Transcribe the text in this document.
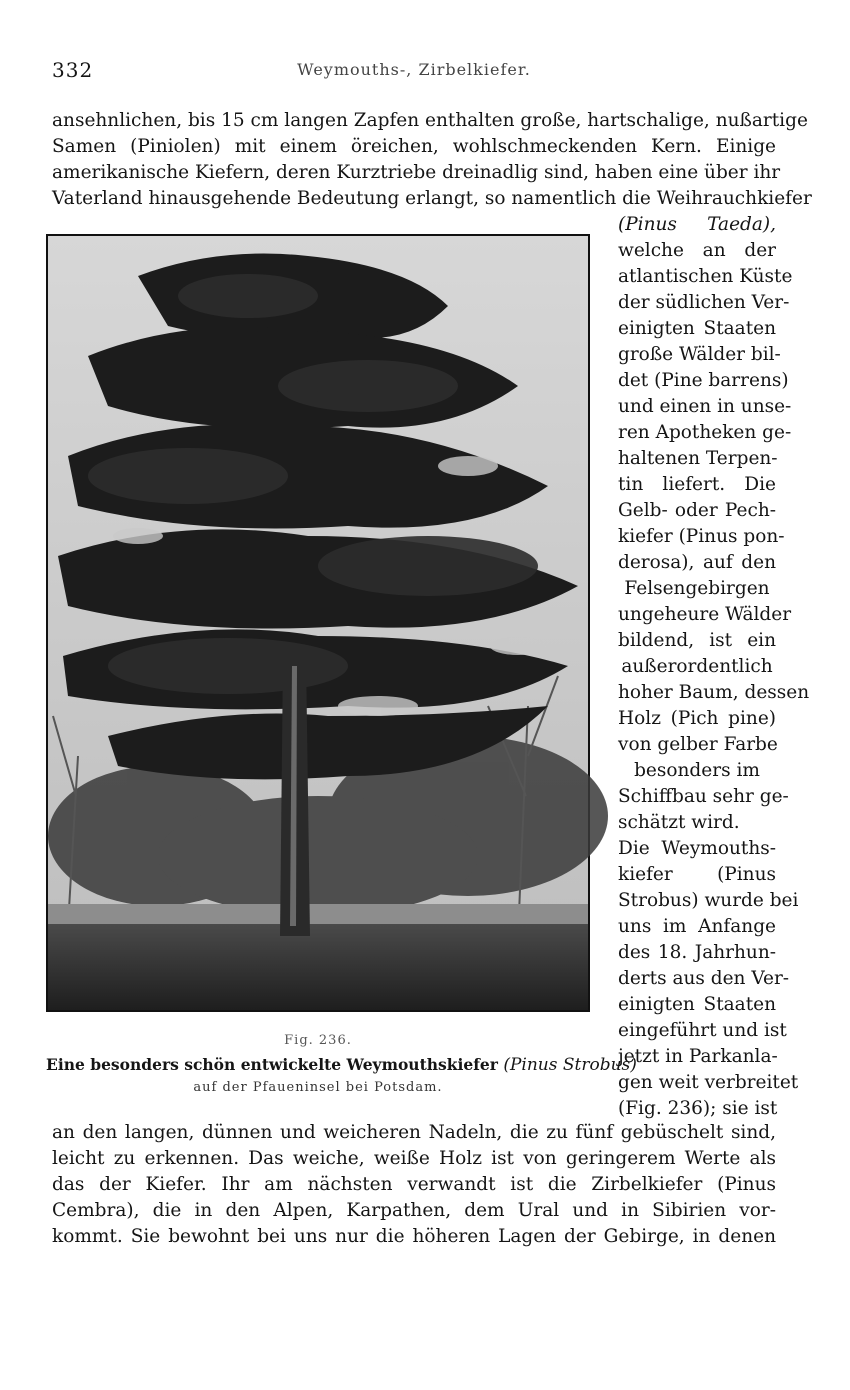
332	Weymouths-, Zirbelkiefer.
ansehnlichen, bis 15 cm langen Zapfen enthalten große, hartschalige, nußartige
Samen (Piniolen) mit einem öreichen, wohlschmeckenden Kern. Einige
amerikanische Kiefern, deren Kurztriebe dreinadlig sind, haben eine über ihr
Vaterland hinausgehende Bedeutung erlangt, so namentlich die Weihrauchkiefer
(Pinus Taeda),
welche an der
atlantischen Küste
der südlichen Ver-
einigten Staaten
große Wälder bil-
det (Pine barrens)
und einen in unse-
ren Apotheken ge-
haltenen Terpen-
tin liefert. Die
Gelb- oder Pech-
kiefer (Pinus pon-
derosa), auf den
Felsengebirgen
ungeheure Wälder
bildend, ist ein
außerordentlich
hoher Baum, dessen
Holz (Pich pine)
von gelber Farbe
besonders im
Schiffbau sehr ge-
schätzt wird.
Die Weymouths-
kiefer (Pinus
Strobus) wurde bei
uns im Anfange
des 18. Jahrhun-
derts aus den Ver-
einigten Staaten
eingeführt und ist
jetzt in Parkanla-
gen weit verbreitet
(Fig. 236); sie ist
Fig. 236.
Eine besonders schön entwickelte Weymouthskiefer (Pinus Strobus)
auf der Pfaueninsel bei Potsdam.
an den langen, dünnen und weicheren Nadeln, die zu fünf gebüschelt sind,
leicht zu erkennen. Das weiche, weiße Holz ist von geringerem Werte als
das der Kiefer. Ihr am nächsten verwandt ist die Zirbelkiefer (Pinus
Cembra), die in den Alpen, Karpathen, dem Ural und in Sibirien vor-
kommt. Sie bewohnt bei uns nur die höheren Lagen der Gebirge, in denen
